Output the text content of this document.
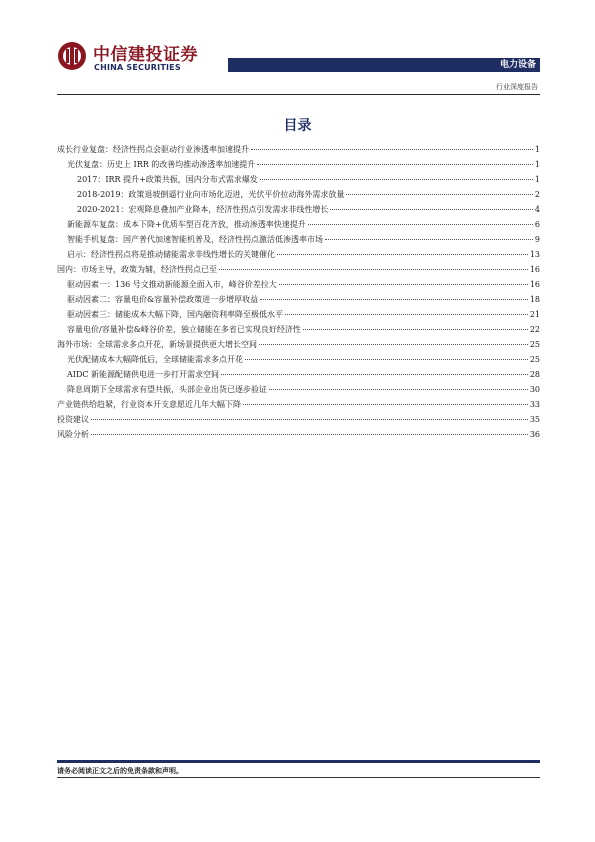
中信建投证券
CHINA SECURITIES	电力设备
行业深度报告
目录
成长行业复盘：经济性拐点会驱动行业渗透率加速提升	1
光伏复盘：历史上 IRR 的改善均推动渗透率加速提升	1
2017：IRR 提升+政策共振，国内分布式需求爆发	1
2018-2019：政策退坡倒逼行业向市场化迈进，光伏平价拉动海外需求放量	2
2020-2021：宏观降息叠加产业降本，经济性拐点引发需求非线性增长	4
新能源车复盘：成本下降+优质车型百花齐放，推动渗透率快速提升	6
智能手机复盘：国产普代加速智能机普及，经济性拐点激活低渗透率市场	9
启示：经济性拐点将是推动储能需求非线性增长的关键催化	13
国内：市场主导，政策为辅，经济性拐点已至	16
驱动因素一：136 号文推动新能源全面入市，峰谷价差拉大	16
驱动因素二：容量电价&容量补偿政策进一步增厚收益	18
驱动因素三：储能成本大幅下降，国内融资利率降至极低水平	21
容量电价/容量补偿&峰谷价差，独立储能在多省已实现良好经济性	22
海外市场：全球需求多点开花，新场景提供更大增长空间	25
光伏配储成本大幅降低后，全球储能需求多点开花	25
AIDC 新能源配储供电进一步打开需求空间	28
降息周期下全球需求有望共振，头部企业出货已逐步验证	30
产业链供给趋紧，行业资本开支意愿近几年大幅下降	33
投资建议	35
风险分析	36
请务必阅读正文之后的免责条款和声明。
